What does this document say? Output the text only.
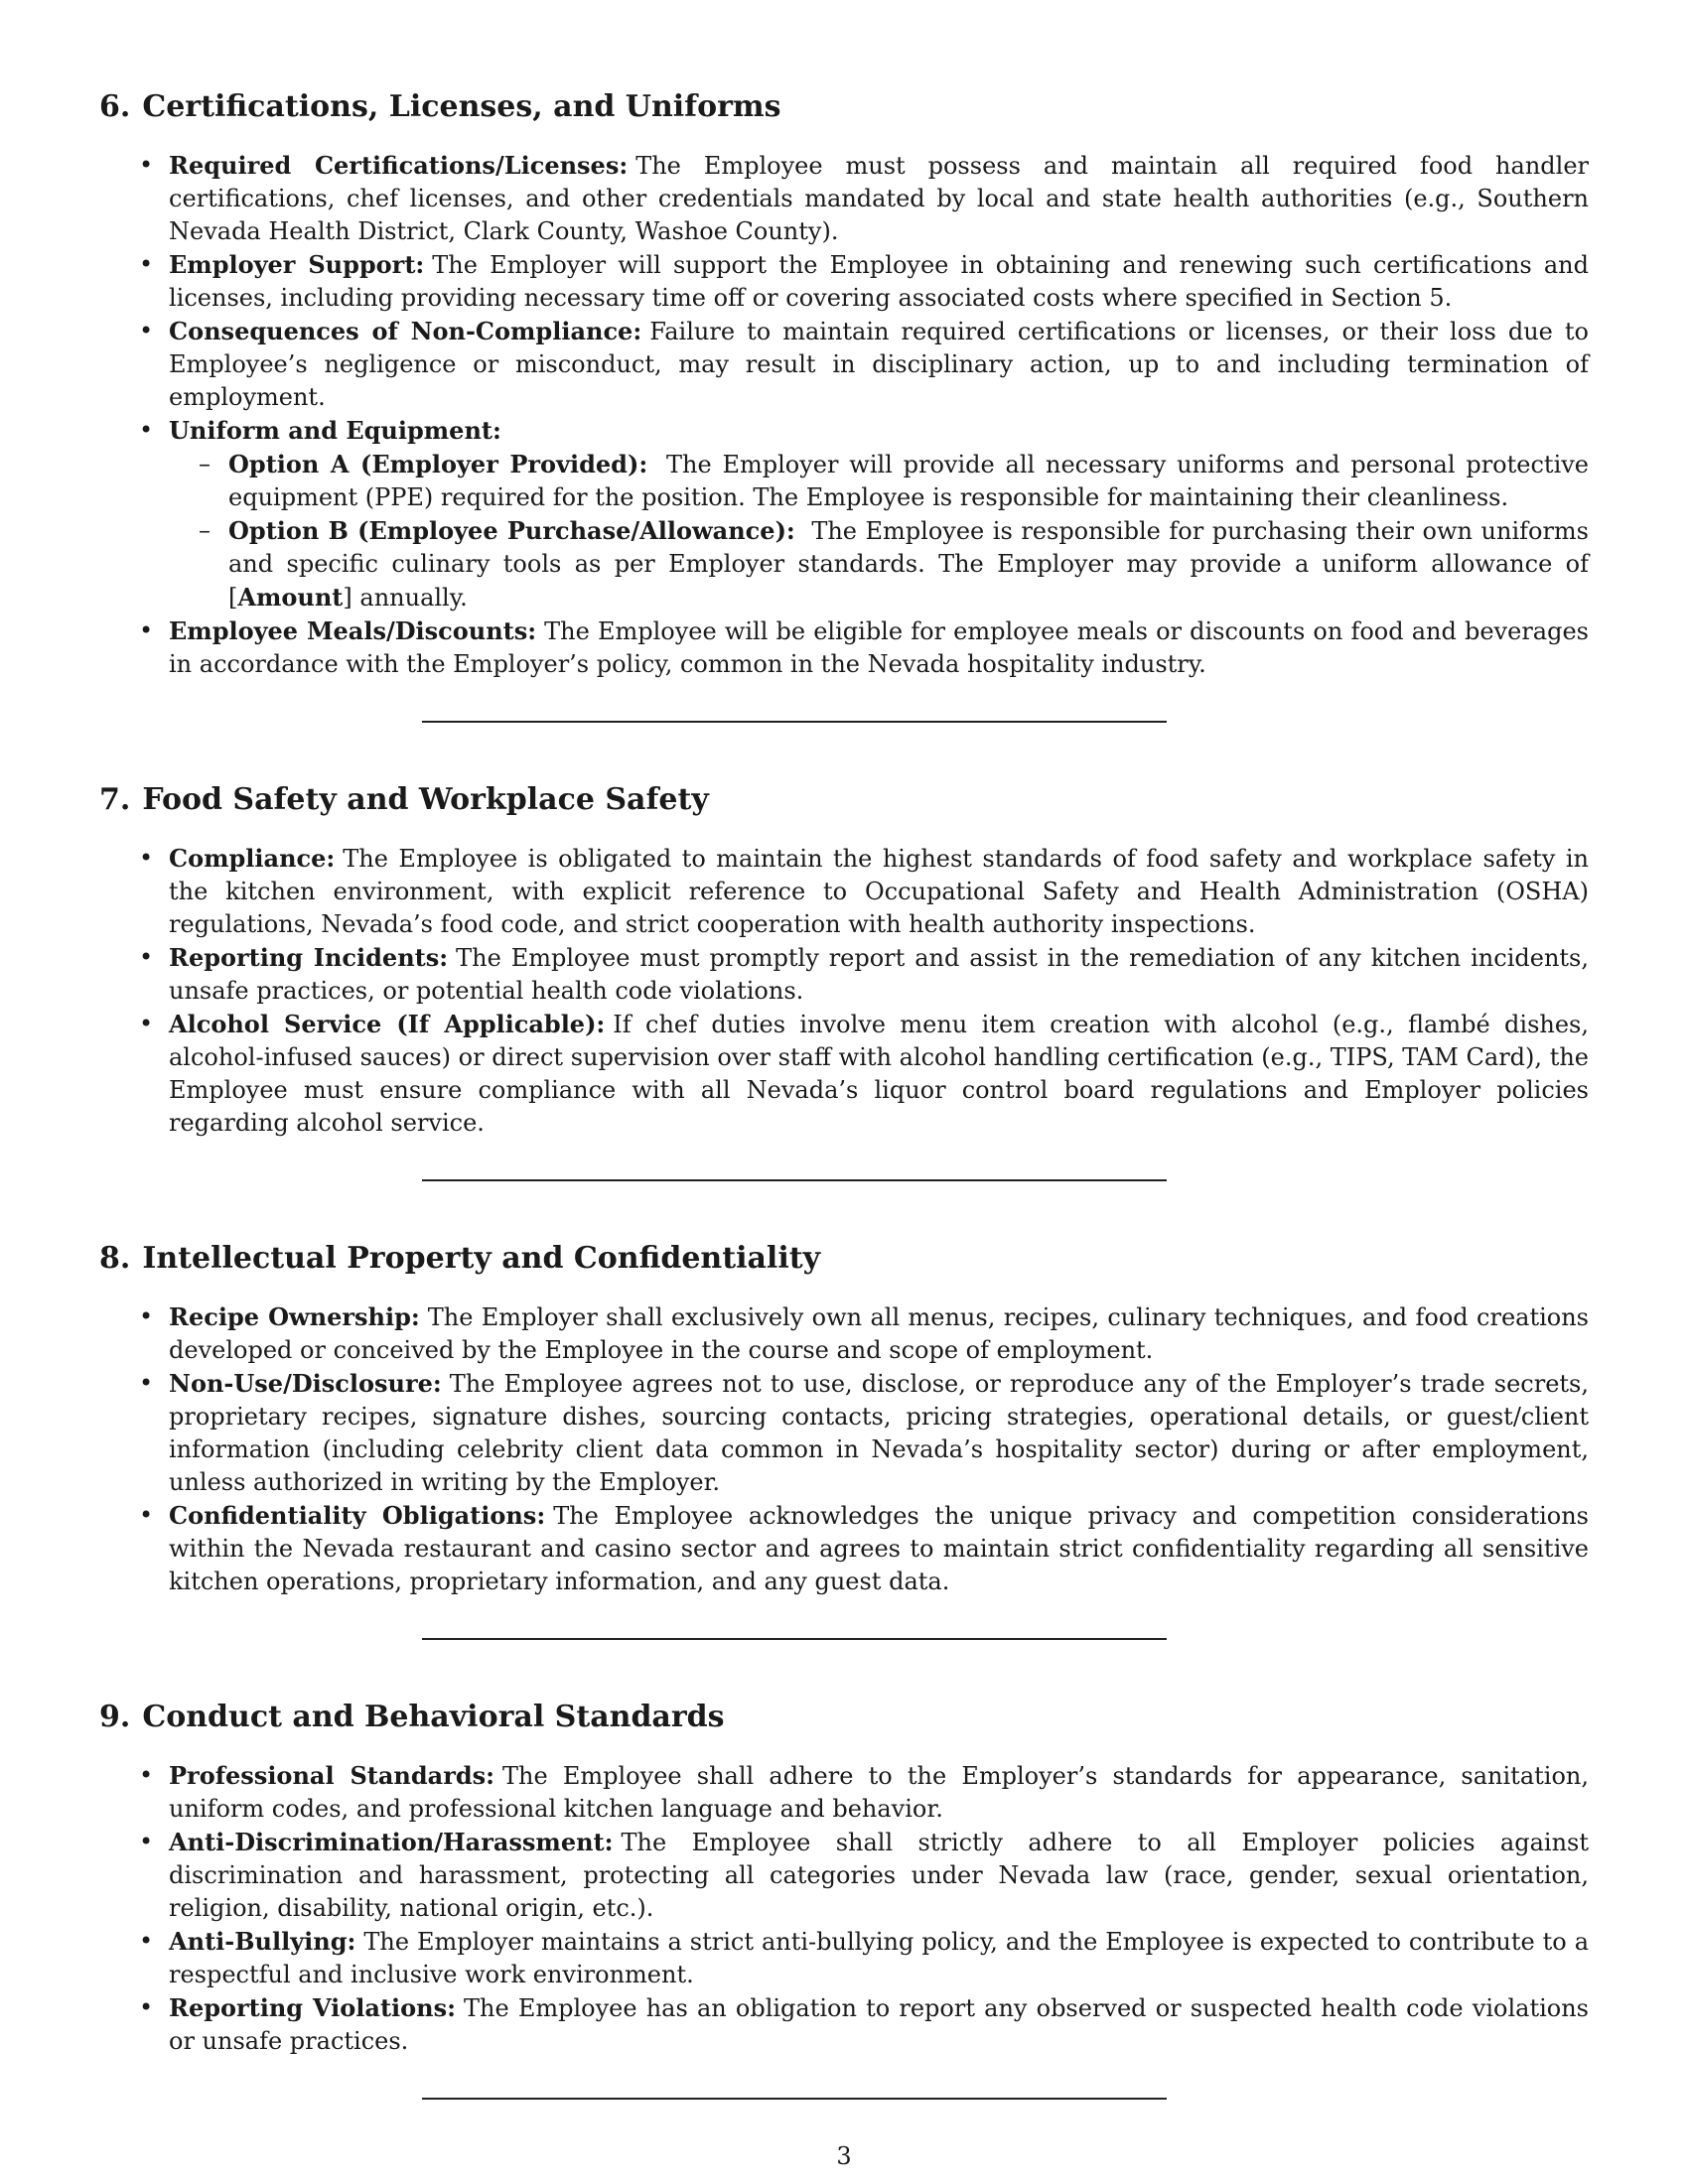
6. Certifications, Licenses, and Uniforms
• Required Certifications/Licenses: The Employee must possess and maintain all required food handler certifications, chef licenses, and other credentials mandated by local and state health authorities (e.g., Southern Nevada Health District, Clark County, Washoe County).
• Employer Support: The Employer will support the Employee in obtaining and renewing such certifications and licenses, including providing necessary time off or covering associated costs where specified in Section 5.
• Consequences of Non-Compliance: Failure to maintain required certifications or licenses, or their loss due to Employee’s negligence or misconduct, may result in disciplinary action, up to and including termination of employment.
• Uniform and Equipment:
– Option A (Employer Provided): The Employer will provide all necessary uniforms and personal protective equipment (PPE) required for the position. The Employee is responsible for maintaining their cleanliness.
– Option B (Employee Purchase/Allowance): The Employee is responsible for purchasing their own uniforms and specific culinary tools as per Employer standards. The Employer may provide a uniform allowance of [Amount] annually.
• Employee Meals/Discounts: The Employee will be eligible for employee meals or discounts on food and beverages in accordance with the Employer’s policy, common in the Nevada hospitality industry.
7. Food Safety and Workplace Safety
• Compliance: The Employee is obligated to maintain the highest standards of food safety and workplace safety in the kitchen environment, with explicit reference to Occupational Safety and Health Administration (OSHA) regulations, Nevada’s food code, and strict cooperation with health authority inspections.
• Reporting Incidents: The Employee must promptly report and assist in the remediation of any kitchen incidents, unsafe practices, or potential health code violations.
• Alcohol Service (If Applicable): If chef duties involve menu item creation with alcohol (e.g., flambé dishes, alcohol-infused sauces) or direct supervision over staff with alcohol handling certification (e.g., TIPS, TAM Card), the Employee must ensure compliance with all Nevada’s liquor control board regulations and Employer policies regarding alcohol service.
8. Intellectual Property and Confidentiality
• Recipe Ownership: The Employer shall exclusively own all menus, recipes, culinary techniques, and food creations developed or conceived by the Employee in the course and scope of employment.
• Non-Use/Disclosure: The Employee agrees not to use, disclose, or reproduce any of the Employer’s trade secrets, proprietary recipes, signature dishes, sourcing contacts, pricing strategies, operational details, or guest/client information (including celebrity client data common in Nevada’s hospitality sector) during or after employment, unless authorized in writing by the Employer.
• Confidentiality Obligations: The Employee acknowledges the unique privacy and competition considerations within the Nevada restaurant and casino sector and agrees to maintain strict confidentiality regarding all sensitive kitchen operations, proprietary information, and any guest data.
9. Conduct and Behavioral Standards
• Professional Standards: The Employee shall adhere to the Employer’s standards for appearance, sanitation, uniform codes, and professional kitchen language and behavior.
• Anti-Discrimination/Harassment: The Employee shall strictly adhere to all Employer policies against discrimination and harassment, protecting all categories under Nevada law (race, gender, sexual orientation, religion, disability, national origin, etc.).
• Anti-Bullying: The Employer maintains a strict anti-bullying policy, and the Employee is expected to contribute to a respectful and inclusive work environment.
• Reporting Violations: The Employee has an obligation to report any observed or suspected health code violations or unsafe practices.
3
